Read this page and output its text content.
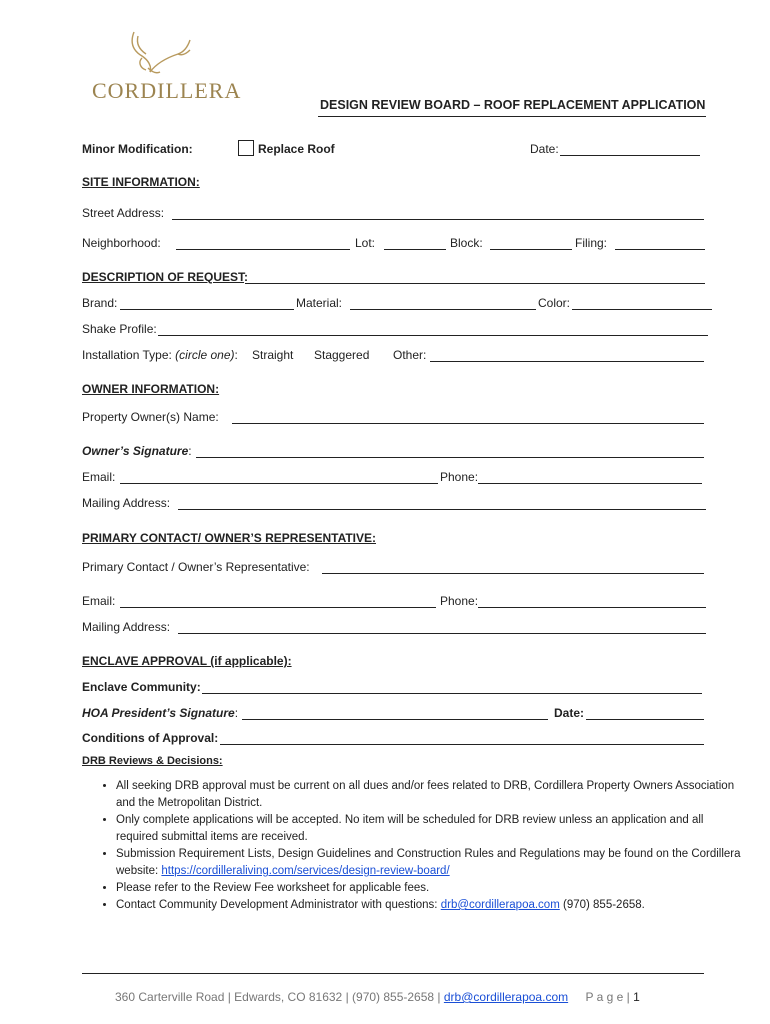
CORDILLERA
DESIGN REVIEW BOARD – ROOF REPLACEMENT APPLICATION
Minor Modification:	Replace Roof	Date:
SITE INFORMATION:
Street Address:
Neighborhood:	Lot:	Block:	Filing:
DESCRIPTION OF REQUEST:
Brand:	Material:	Color:
Shake Profile:
Installation Type: (circle one): Straight Staggered Other:
OWNER INFORMATION:
Property Owner(s) Name:
Owner’s Signature:
Email:	Phone:
Mailing Address:
PRIMARY CONTACT/ OWNER’S REPRESENTATIVE:
Primary Contact / Owner’s Representative:
Email:	Phone:
Mailing Address:
ENCLAVE APPROVAL (if applicable):
Enclave Community:
HOA President’s Signature:	Date:
Conditions of Approval:
DRB Reviews & Decisions:
• All seeking DRB approval must be current on all dues and/or fees related to DRB, Cordillera Property Owners Association and the Metropolitan District.
• Only complete applications will be accepted. No item will be scheduled for DRB review unless an application and all required submittal items are received.
• Submission Requirement Lists, Design Guidelines and Construction Rules and Regulations may be found on the Cordillera website: https://cordilleraliving.com/services/design-review-board/
• Please refer to the Review Fee worksheet for applicable fees.
• Contact Community Development Administrator with questions: drb@cordillerapoa.com (970) 855-2658.
360 Carterville Road | Edwards, CO 81632 | (970) 855-2658 | drb@cordillerapoa.com P a g e | 1
